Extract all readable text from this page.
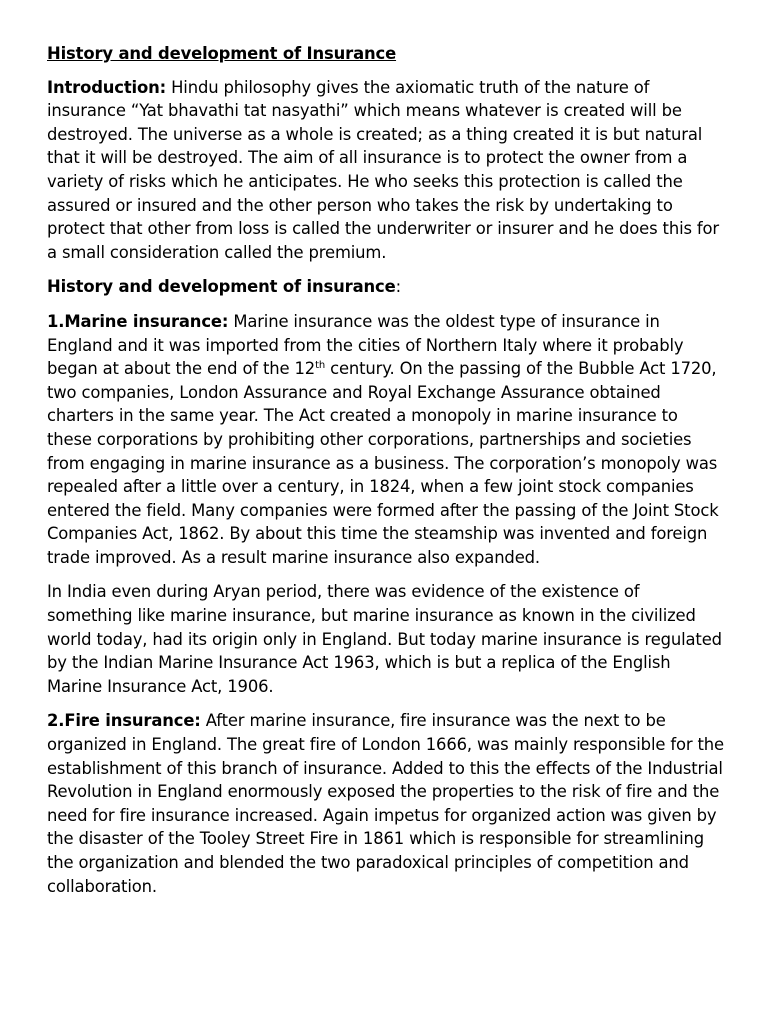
History and development of Insurance

Introduction: Hindu philosophy gives the axiomatic truth of the nature of insurance “Yat bhavathi tat nasyathi” which means whatever is created will be destroyed. The universe as a whole is created; as a thing created it is but natural that it will be destroyed. The aim of all insurance is to protect the owner from a variety of risks which he anticipates. He who seeks this protection is called the assured or insured and the other person who takes the risk by undertaking to protect that other from loss is called the underwriter or insurer and he does this for a small consideration called the premium.

History and development of insurance:

1.Marine insurance: Marine insurance was the oldest type of insurance in England and it was imported from the cities of Northern Italy where it probably began at about the end of the 12th century. On the passing of the Bubble Act 1720, two companies, London Assurance and Royal Exchange Assurance obtained charters in the same year. The Act created a monopoly in marine insurance to these corporations by prohibiting other corporations, partnerships and societies from engaging in marine insurance as a business. The corporation’s monopoly was repealed after a little over a century, in 1824, when a few joint stock companies entered the field. Many companies were formed after the passing of the Joint Stock Companies Act, 1862. By about this time the steamship was invented and foreign trade improved. As a result marine insurance also expanded.

In India even during Aryan period, there was evidence of the existence of something like marine insurance, but marine insurance as known in the civilized world today, had its origin only in England. But today marine insurance is regulated by the Indian Marine Insurance Act 1963, which is but a replica of the English Marine Insurance Act, 1906.

2.Fire insurance: After marine insurance, fire insurance was the next to be organized in England. The great fire of London 1666, was mainly responsible for the establishment of this branch of insurance. Added to this the effects of the Industrial Revolution in England enormously exposed the properties to the risk of fire and the need for fire insurance increased. Again impetus for organized action was given by the disaster of the Tooley Street Fire in 1861 which is responsible for streamlining the organization and blended the two paradoxical principles of competition and collaboration.
